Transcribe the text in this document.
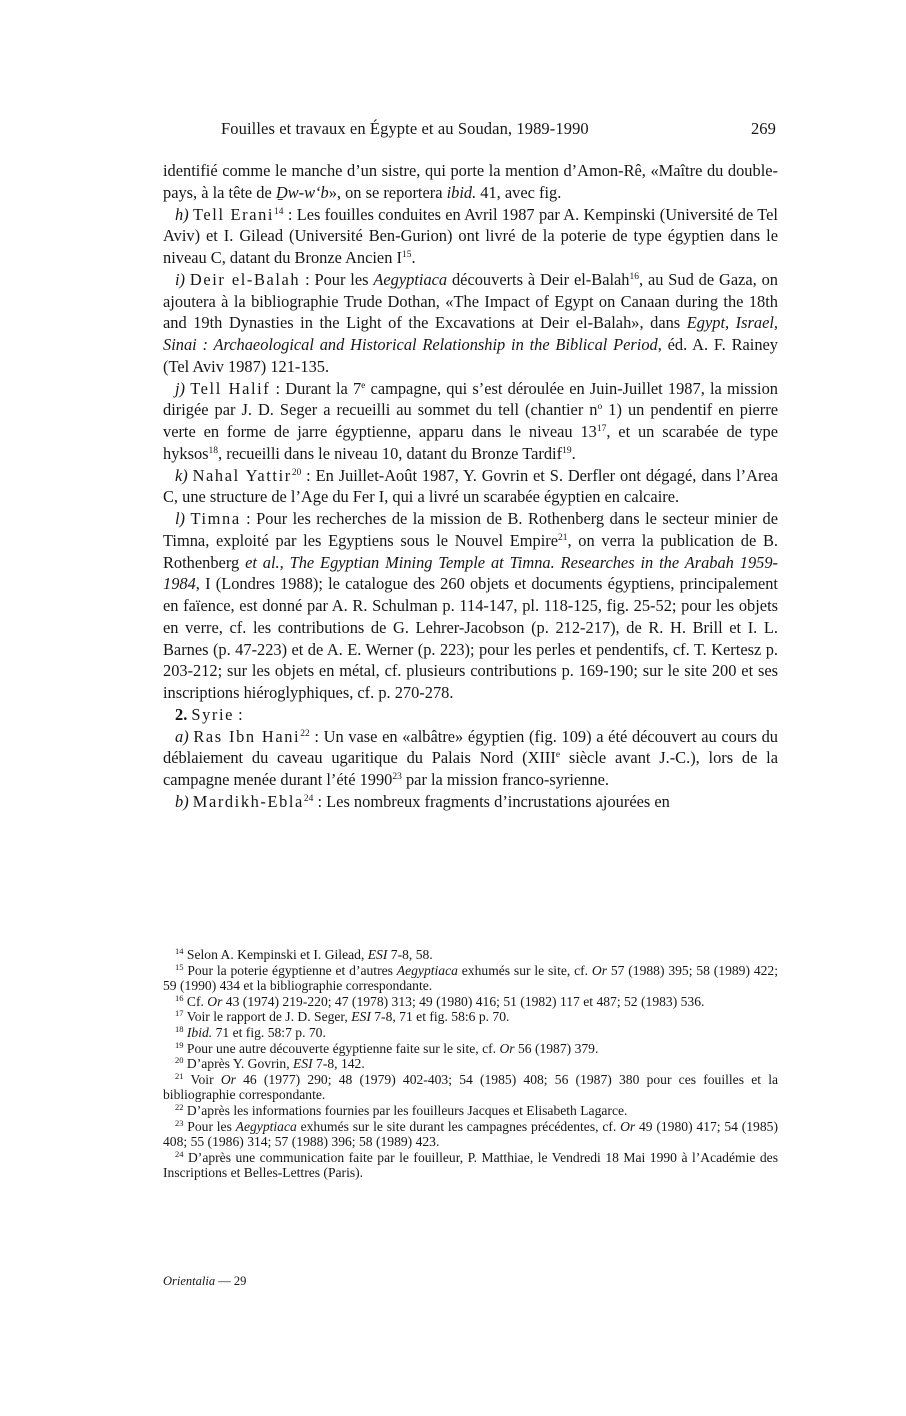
Fouilles et travaux en Égypte et au Soudan, 1989-1990	269

identifié comme le manche d’un sistre, qui porte la mention d’Amon-Rê, «Maître du double-pays, à la tête de Ḏw-w‘b», on se reportera ibid. 41, avec fig.

h) Tell Erani$^{14}$ : Les fouilles conduites en Avril 1987 par A. Kempinski (Université de Tel Aviv) et I. Gilead (Université Ben-Gurion) ont livré de la poterie de type égyptien dans le niveau C, datant du Bronze Ancien $I^{15}$.

i) Deir el-Balah : Pour les Aegyptiaca découverts à Deir el-Balah$^{16}$, au Sud de Gaza, on ajoutera à la bibliographie Trude Dothan, «The Impact of Egypt on Canaan during the 18th and 19th Dynasties in the Light of the Excavations at Deir el-Balah», dans Egypt, Israel, Sinai : Archaeological and Historical Relationship in the Biblical Period, éd. A. F. Rainey (Tel Aviv 1987) 121-135.

j) Tell Halif : Durant la 7e campagne, qui s’est déroulée en Juin-Juillet 1987, la mission dirigée par J. D. Seger a recueilli au sommet du tell (chantier $n^o$ 1) un pendentif en pierre verte en forme de jarre égyptienne, apparu dans le niveau $13^{17}$, et un scarabée de type hyksos$^{18}$, recueilli dans le niveau 10, datant du Bronze Tardif$^{19}$.

k) Nahal Yattir$^{20}$ : En Juillet-Août 1987, Y. Govrin et S. Derfler ont dégagé, dans l’Area C, une structure de l’Age du Fer I, qui a livré un scarabée égyptien en calcaire.

l) Timna : Pour les recherches de la mission de B. Rothenberg dans le secteur minier de Timna, exploité par les Egyptiens sous le Nouvel Empire$^{21}$, on verra la publication de B. Rothenberg et al., The Egyptian Mining Temple at Timna. Researches in the Arabah 1959-1984, I (Londres 1988); le catalogue des 260 objets et documents égyptiens, principalement en faïence, est donné par A. R. Schulman p. 114-147, pl. 118-125, fig. 25-52; pour les objets en verre, cf. les contributions de G. Lehrer-Jacobson (p. 212-217), de R. H. Brill et I. L. Barnes (p. 47-223) et de A. E. Werner (p. 223); pour les perles et pendentifs, cf. T. Kertesz p. 203-212; sur les objets en métal, cf. plusieurs contributions p. 169-190; sur le site 200 et ses inscriptions hiéroglyphiques, cf. p. 270-278.

2. Syrie :

a) Ras Ibn Hani$^{22}$ : Un vase en «albâtre» égyptien (fig. 109) a été découvert au cours du déblaiement du caveau ugaritique du Palais Nord (XIIIe siècle avant J.-C.), lors de la campagne menée durant l’été 1990$^{23}$ par la mission franco-syrienne.

b) Mardikh-Ebla$^{24}$ : Les nombreux fragments d’incrustations ajourées en

$^{14}$ Selon A. Kempinski et I. Gilead, ESI 7-8, 58.

$^{15}$ Pour la poterie égyptienne et d’autres Aegyptiaca exhumés sur le site, cf. Or 57 (1988) 395; 58 (1989) 422; 59 (1990) 434 et la bibliographie correspondante.

$^{16}$ Cf. Or 43 (1974) 219-220; 47 (1978) 313; 49 (1980) 416; 51 (1982) 117 et 487; 52 (1983) 536.

$^{17}$ Voir le rapport de J. D. Seger, ESI 7-8, 71 et fig. 58:6 p. 70.

$^{18}$ Ibid. 71 et fig. 58:7 p. 70.

$^{19}$ Pour une autre découverte égyptienne faite sur le site, cf. Or 56 (1987) 379.

$^{20}$ D’après Y. Govrin, ESI 7-8, 142.

$^{21}$ Voir Or 46 (1977) 290; 48 (1979) 402-403; 54 (1985) 408; 56 (1987) 380 pour ces fouilles et la bibliographie correspondante.

$^{22}$ D’après les informations fournies par les fouilleurs Jacques et Elisabeth Lagarce.

$^{23}$ Pour les Aegyptiaca exhumés sur le site durant les campagnes précédentes, cf. Or 49 (1980) 417; 54 (1985) 408; 55 (1986) 314; 57 (1988) 396; 58 (1989) 423.

$^{24}$ D’après une communication faite par le fouilleur, P. Matthiae, le Vendredi 18 Mai 1990 à l’Académie des Inscriptions et Belles-Lettres (Paris).

Orientalia — 29
